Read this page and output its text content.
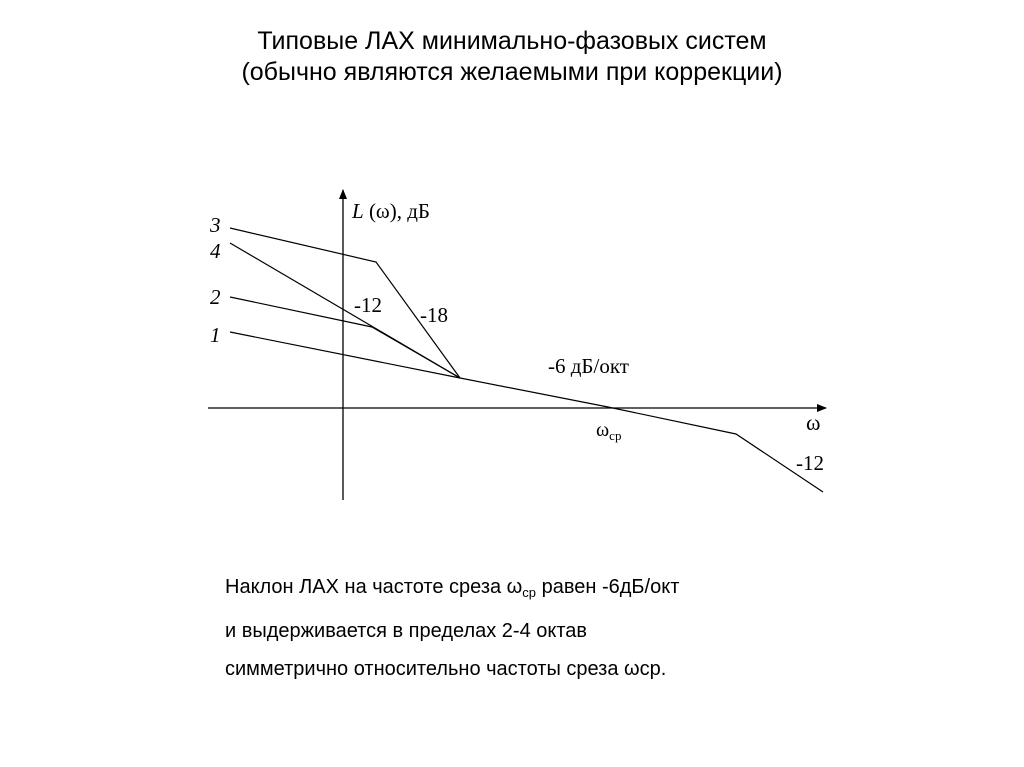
Типовые ЛАХ минимально-фазовых систем
(обычно являются желаемыми при коррекции)
L (ω), дБ
ω
$\omega_{ср}$
1
2
3
4
-12 -18
-6 дБ/окт
-12
Наклон ЛАХ на частоте среза $\omega_{ср}$ равен -6дБ/окт
и выдерживается в пределах 2-4 октав
симметрично относительно частоты среза ωср.
